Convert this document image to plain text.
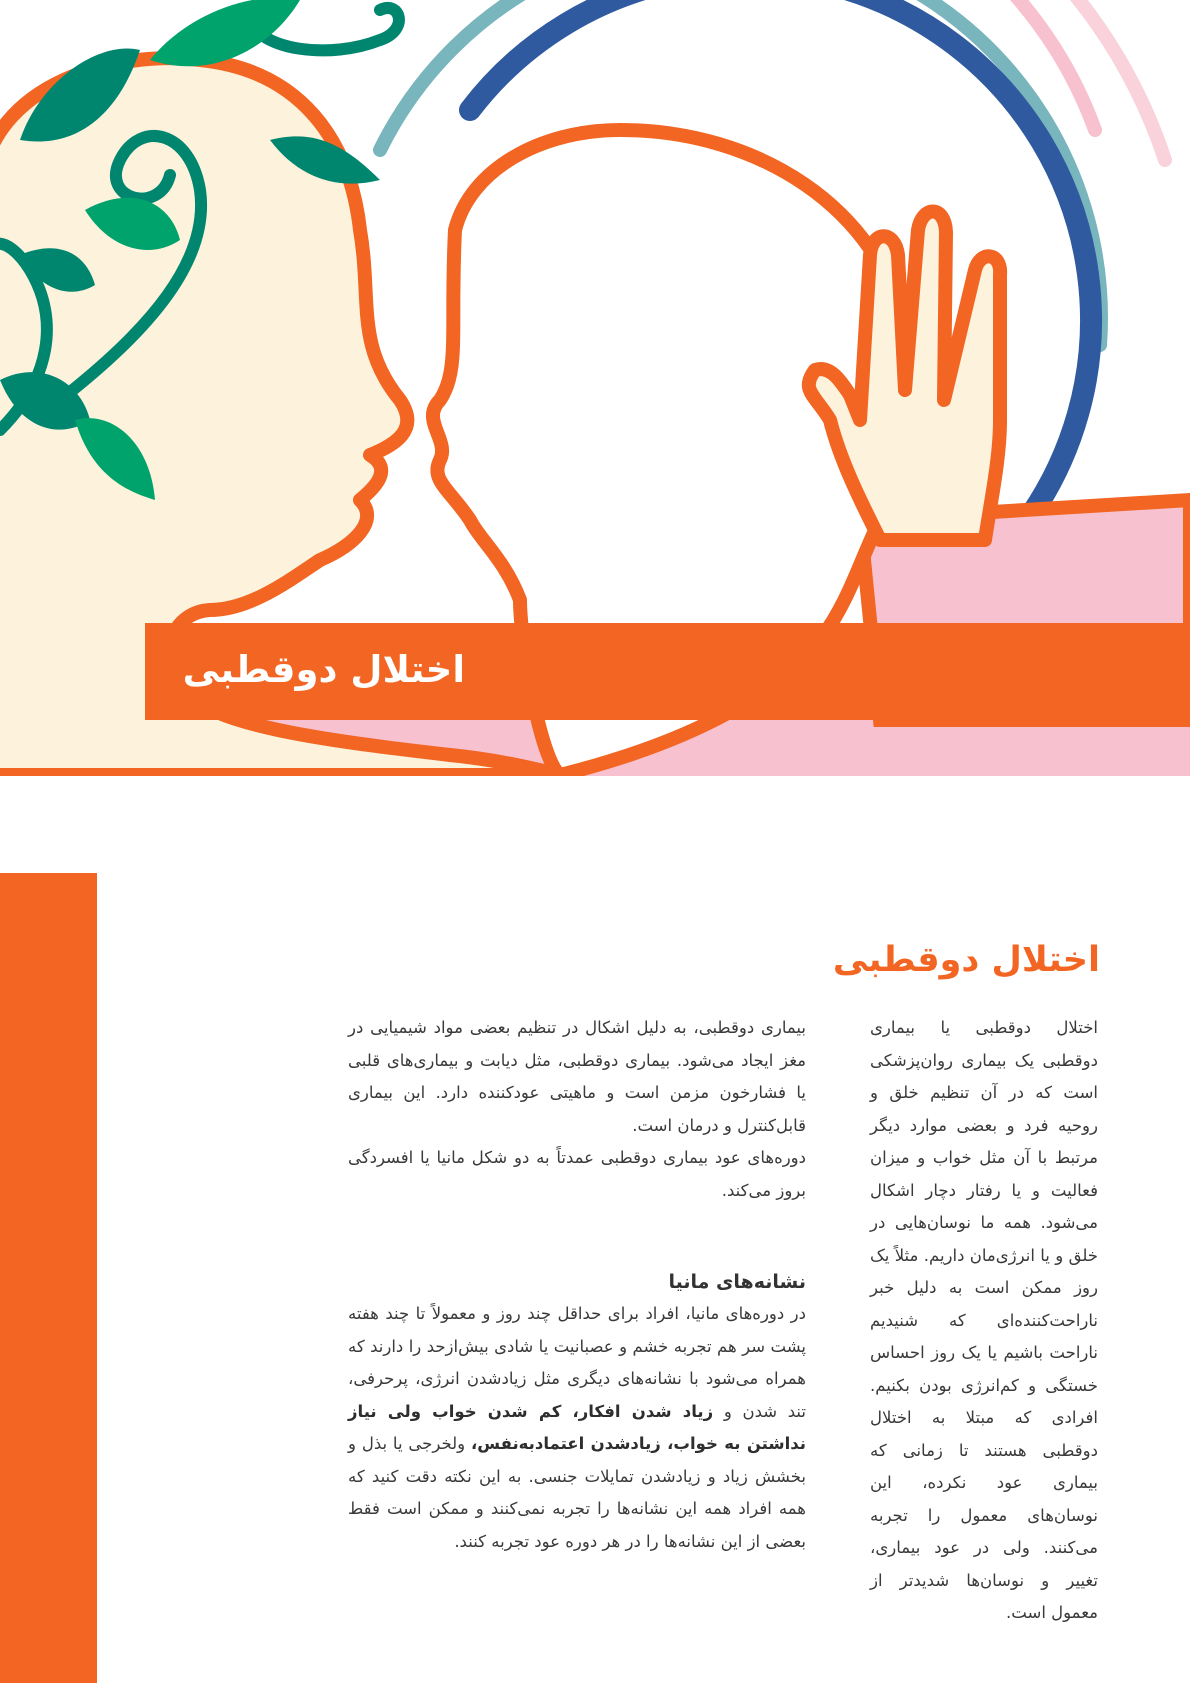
اختلال دوقطبی
اختلال دوقطبی

اختلال دوقطبی یا بیماری دوقطبی یک بیماری روان‌پزشکی است که در آن تنظیم خلق و روحیه فرد و بعضی موارد دیگر مرتبط با آن مثل خواب و میزان فعالیت و یا رفتار دچار اشکال می‌شود. همه ما نوسان‌هایی در خلق و یا انرژی‌مان داریم. مثلاً یک روز ممکن است به دلیل خبر ناراحت‌کننده‌ای که شنیدیم ناراحت باشیم یا یک روز احساس خستگی و کم‌انرژی بودن بکنیم. افرادی که مبتلا به اختلال دوقطبی هستند تا زمانی که بیماری عود نکرده، این نوسان‌های معمول را تجربه می‌کنند. ولی در عود بیماری، تغییر و نوسان‌ها شدیدتر از معمول است.

بیماری دوقطبی، به دلیل اشکال در تنظیم بعضی مواد شیمیایی در مغز ایجاد می‌شود. بیماری دوقطبی، مثل دیابت و بیماری‌های قلبی یا فشارخون مزمن است و ماهیتی عودکننده دارد. این بیماری قابل‌کنترل و درمان است.

دوره‌های عود بیماری دوقطبی عمدتاً به دو شکل مانیا یا افسردگی بروز می‌کند.

نشانه‌های مانیا

در دوره‌های مانیا، افراد برای حداقل چند روز و معمولاً تا چند هفته پشت سر هم تجربه خشم و عصبانیت یا شادی بیش‌ازحد را دارند که همراه می‌شود با نشانه‌های دیگری مثل زیادشدن انرژی، پرحرفی، تند شدن و زیاد شدن افکار، کم شدن خواب ولی نیاز نداشتن به خواب، زیادشدن اعتمادبه‌نفس، ولخرجی یا بذل و بخشش زیاد و زیادشدن تمایلات جنسی. به این نکته دقت کنید که همه افراد همه این نشانه‌ها را تجربه نمی‌کنند و ممکن است فقط بعضی از این نشانه‌ها را در هر دوره عود تجربه کنند.
